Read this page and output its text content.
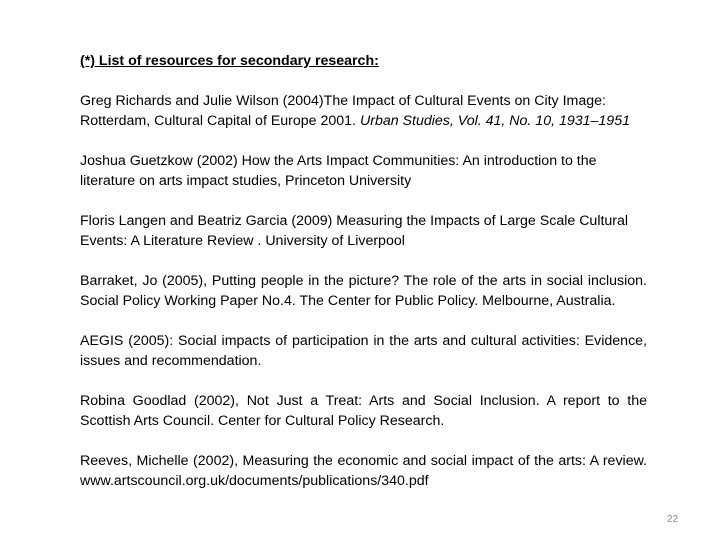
(*) List of resources for secondary research:
Greg Richards and Julie Wilson (2004)The Impact of Cultural Events on City Image: Rotterdam, Cultural Capital of Europe 2001. Urban Studies, Vol. 41, No. 10, 1931–1951
Joshua Guetzkow (2002) How the Arts Impact Communities: An introduction to the literature on arts impact studies, Princeton University
Floris Langen and Beatriz Garcia (2009) Measuring the Impacts of Large Scale Cultural Events: A Literature Review . University of Liverpool
Barraket, Jo (2005), Putting people in the picture? The role of the arts in social inclusion. Social Policy Working Paper No.4. The Center for Public Policy. Melbourne, Australia.
AEGIS (2005): Social impacts of participation in the arts and cultural activities: Evidence, issues and recommendation.
Robina Goodlad (2002), Not Just a Treat: Arts and Social Inclusion. A report to the Scottish Arts Council. Center for Cultural Policy Research.
Reeves, Michelle (2002), Measuring the economic and social impact of the arts: A review. www.artscouncil.org.uk/documents/publications/340.pdf
22
